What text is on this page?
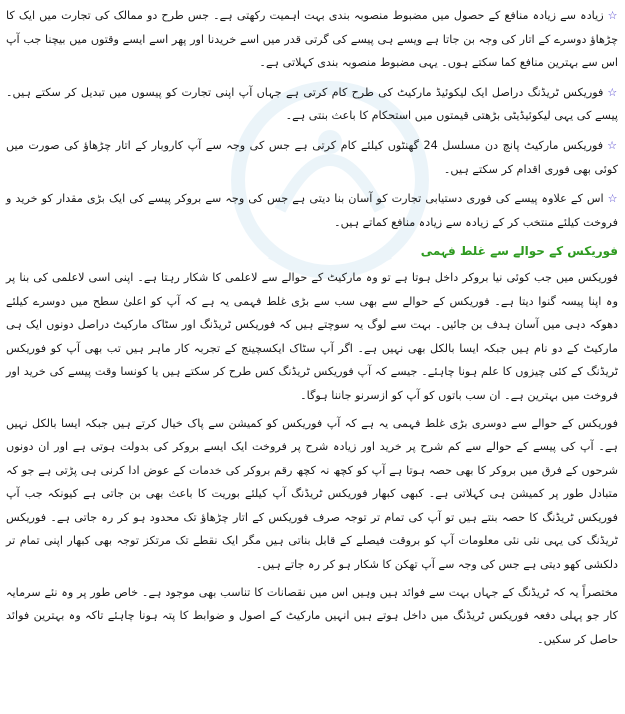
☆زیادہ سے زیادہ منافع کے حصول میں مضبوط منصوبہ بندی بہت اہمیت رکھتی ہے۔ جس طرح دو ممالک کی تجارت میں ایک کا چڑھاؤ دوسرے کے اتار کی وجہ بن جاتا ہے ویسے ہی پیسے کی گرتی قدر میں اسے خریدنا اور پھر اسے ایسے وقتوں میں بیچنا جب آپ اس سے بہترین منافع کما سکتے ہوں۔ یہی مضبوط منصوبہ بندی کہلاتی ہے۔
☆فوریکس ٹریڈنگ دراصل ایک لیکوئیڈ مارکیٹ کی طرح کام کرتی ہے جہاں آپ اپنی تجارت کو پیسوں میں تبدیل کر سکتے ہیں۔ پیسے کی یہی لیکوئیڈیٹی بڑھتی قیمتوں میں استحکام کا باعث بنتی ہے۔
☆فوریکس مارکیٹ پانچ دن مسلسل 24 گھنٹوں کیلئے کام کرتی ہے جس کی وجہ سے آپ کاروبار کے اتار چڑھاؤ کی صورت میں کوئی بھی فوری اقدام کر سکتے ہیں۔
☆اس کے علاوہ پیسے کی فوری دستیابی تجارت کو آسان بنا دیتی ہے جس کی وجہ سے بروکر پیسے کی ایک بڑی مقدار کو خرید و فروخت کیلئے منتخب کر کے زیادہ سے زیادہ منافع کماتے ہیں۔
فوریکس کے حوالے سے غلط فہمی

فوریکس میں جب کوئی نیا بروکر داخل ہوتا ہے تو وہ مارکیٹ کے حوالے سے لاعلمی کا شکار رہتا ہے۔ اپنی اسی لاعلمی کی بنا پر وہ اپنا پیسہ گنوا دیتا ہے۔ فوریکس کے حوالے سے بھی سب سے بڑی غلط فہمی یہ ہے کہ آپ کو اعلیٰ سطح میں دوسرے کیلئے دھوکہ دہی میں آسان ہدف بن جائیں۔ بہت سے لوگ یہ سوچتے ہیں کہ فوریکس ٹریڈنگ اور سٹاک مارکیٹ دراصل دونوں ایک ہی مارکیٹ کے دو نام ہیں جبکہ ایسا بالکل بھی نہیں ہے۔ اگر آپ سٹاک ایکسچینج کے تجربہ کار ماہر ہیں تب بھی آپ کو فوریکس ٹریڈنگ کے کئی چیزوں کا علم ہونا چاہئے۔ جیسے کہ آپ فوریکس ٹریڈنگ کس طرح کر سکتے ہیں یا کونسا وقت پیسے کی خرید اور فروخت میں بہترین ہے۔ ان سب باتوں کو آپ کو ازسرنو جاننا ہوگا۔

فوریکس کے حوالے سے دوسری بڑی غلط فہمی یہ ہے کہ آپ فوریکس کو کمیشن سے پاک خیال کرتے ہیں جبکہ ایسا بالکل نہیں ہے۔ آپ کی پیسے کے حوالے سے کم شرح پر خرید اور زیادہ شرح پر فروخت ایک ایسے بروکر کی بدولت ہوتی ہے اور ان دونوں شرحوں کے فرق میں بروکر کا بھی حصہ ہوتا ہے آپ کو کچھ نہ کچھ رقم بروکر کی خدمات کے عوض ادا کرنی ہی پڑتی ہے جو کہ متبادل طور پر کمیشن ہی کہلاتی ہے۔ کبھی کبھار فوریکس ٹریڈنگ آپ کیلئے بوریت کا باعث بھی بن جاتی ہے کیونکہ جب آپ فوریکس ٹریڈنگ کا حصہ بنتے ہیں تو آپ کی تمام تر توجہ صرف فوریکس کے اتار چڑھاؤ تک محدود ہو کر رہ جاتی ہے۔ فوریکس ٹریڈنگ کی یہی نئی نئی معلومات آپ کو بروقت فیصلے کے قابل بناتی ہیں مگر ایک نقطے تک مرتکز توجہ بھی کبھار اپنی تمام تر دلکشی کھو دیتی ہے جس کی وجہ سے آپ تھکن کا شکار ہو کر رہ جاتے ہیں۔

مختصراً یہ کہ ٹریڈنگ کے جہاں بہت سے فوائد ہیں وہیں اس میں نقصانات کا تناسب بھی موجود ہے۔ خاص طور پر وہ نئے سرمایہ کار جو پہلی دفعہ فوریکس ٹریڈنگ میں داخل ہوتے ہیں انہیں مارکیٹ کے اصول و ضوابط کا پتہ ہونا چاہئے تاکہ وہ بہترین فوائد حاصل کر سکیں۔
